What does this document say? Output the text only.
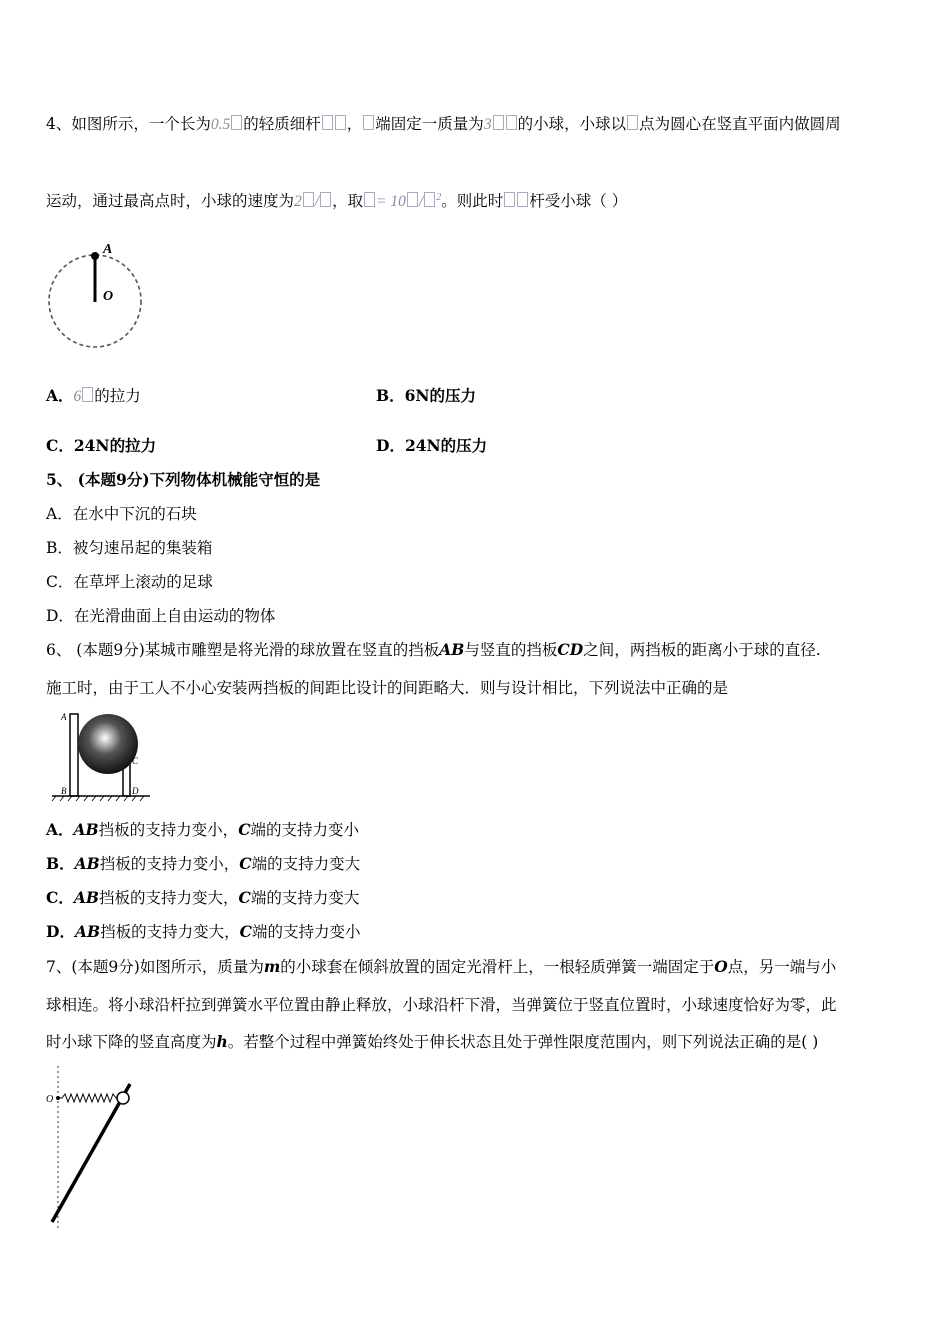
4、如图所示，一个长为0.5 的轻质细杆 ， 端固定一质量为3 的小球，小球以 点为圆心在竖直平面内做圆周
运动，通过最高点时，小球的速度为2 / ，取 = 10 / $^2$。则此时 杆受小球（ ）
A
O
A．6 的拉力	B．6N的压力
C．24N的拉力	D．24N的压力
5、 (本题9分)下列物体机械能守恒的是
A．在水中下沉的石块
B．被匀速吊起的集装箱
C．在草坪上滚动的足球
D．在光滑曲面上自由运动的物体
6、 (本题9分)某城市雕塑是将光滑的球放置在竖直的挡板AB与竖直的挡板CD之间，两挡板的距离小于球的直径.
施工时，由于工人不小心安装两挡板的间距比设计的间距略大．则与设计相比，下列说法中正确的是
A
B
C
D
A．AB挡板的支持力变小，C端的支持力变小
B．AB挡板的支持力变小，C端的支持力变大
C．AB挡板的支持力变大，C端的支持力变大
D．AB挡板的支持力变大，C端的支持力变小
7、(本题9分)如图所示，质量为m的小球套在倾斜放置的固定光滑杆上，一根轻质弹簧一端固定于O点，另一端与小
球相连。将小球沿杆拉到弹簧水平位置由静止释放，小球沿杆下滑，当弹簧位于竖直位置时，小球速度恰好为零，此
时小球下降的竖直高度为h。若整个过程中弹簧始终处于伸长状态且处于弹性限度范围内，则下列说法正确的是( )
O
